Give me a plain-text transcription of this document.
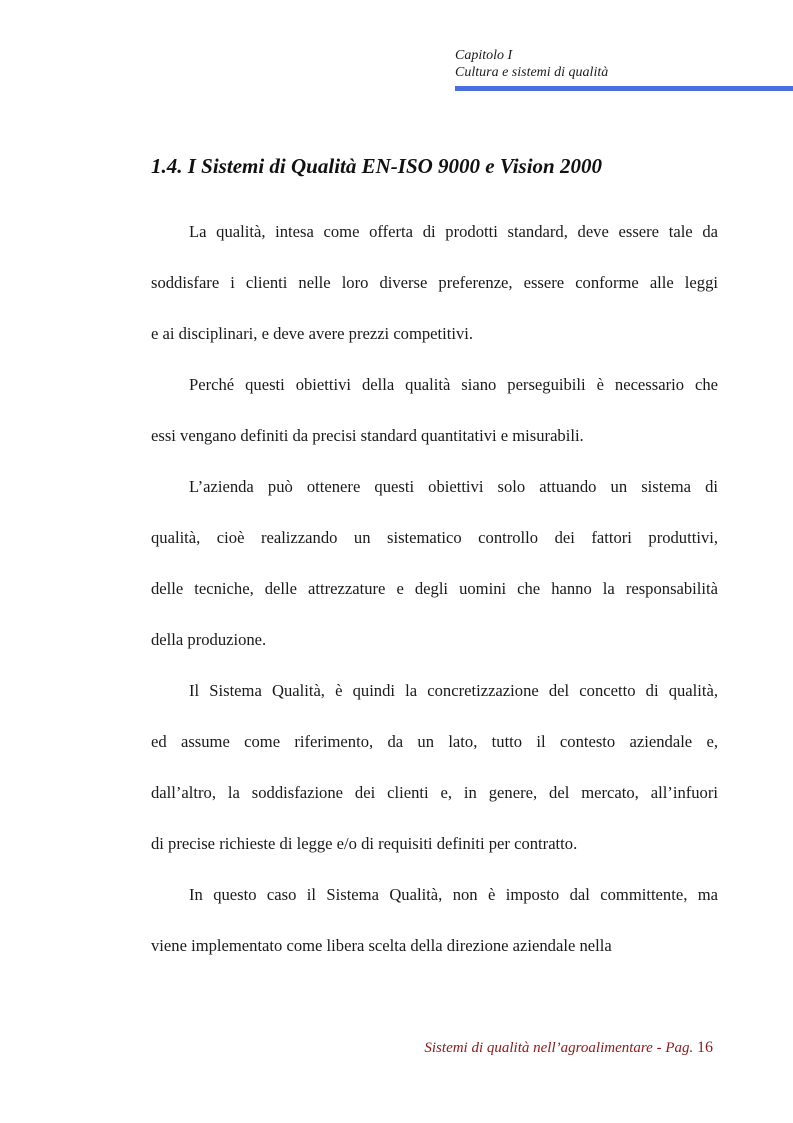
Capitolo I
Cultura e sistemi di qualità
1.4. I Sistemi di Qualità EN-ISO 9000 e Vision 2000
La qualità, intesa come offerta di prodotti standard, deve essere tale da
soddisfare i clienti nelle loro diverse preferenze, essere conforme alle leggi
e ai disciplinari, e deve avere prezzi competitivi.
Perché questi obiettivi della qualità siano perseguibili è necessario che
essi vengano definiti da precisi standard quantitativi e misurabili.
L’azienda può ottenere questi obiettivi solo attuando un sistema di
qualità, cioè realizzando un sistematico controllo dei fattori produttivi,
delle tecniche, delle attrezzature e degli uomini che hanno la responsabilità
della produzione.
Il Sistema Qualità, è quindi la concretizzazione del concetto di qualità,
ed assume come riferimento, da un lato, tutto il contesto aziendale e,
dall’altro, la soddisfazione dei clienti e, in genere, del mercato, all’infuori
di precise richieste di legge e/o di requisiti definiti per contratto.
In questo caso il Sistema Qualità, non è imposto dal committente, ma
viene implementato come libera scelta della direzione aziendale nella
Sistemi di qualità nell’agroalimentare - Pag. 16
